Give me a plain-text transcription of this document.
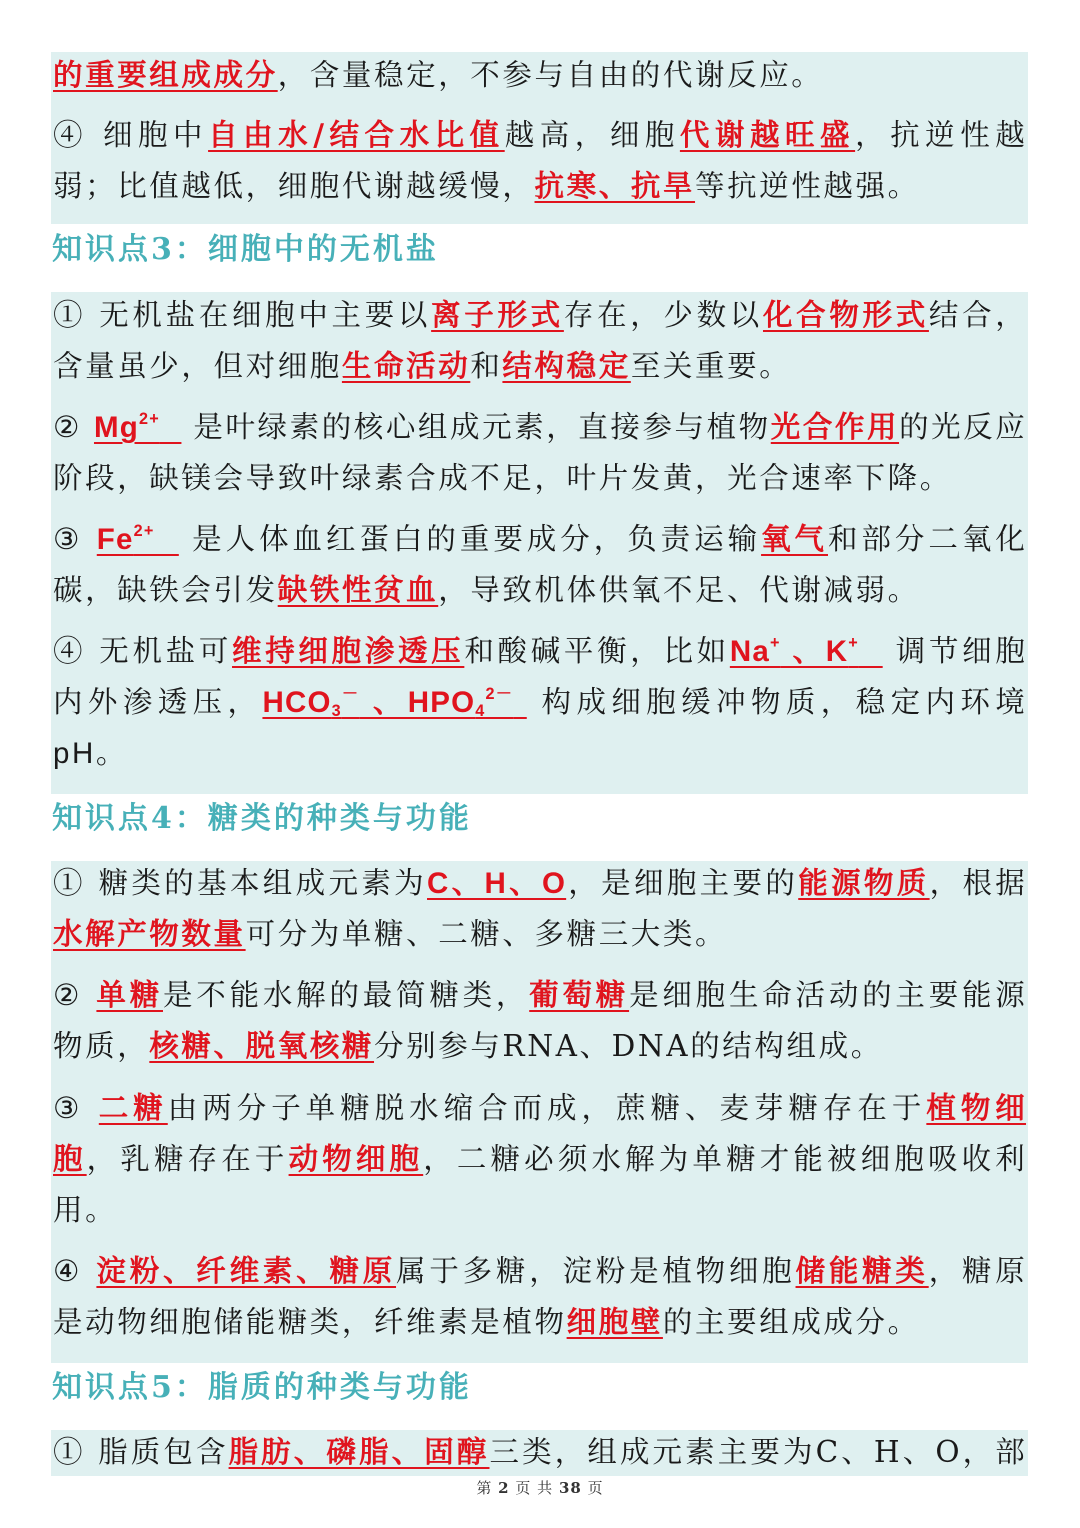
的重要组成成分，含量稳定，不参与自由的代谢反应。
④ 细胞中自由水/结合水比值越高，细胞代谢越旺盛，抗逆性越
弱；比值越低，细胞代谢越缓慢，抗寒、抗旱等抗逆性越强。
知识点3：细胞中的无机盐
① 无机盐在细胞中主要以离子形式存在，少数以化合物形式结合，
含量虽少，但对细胞生命活动和结构稳定至关重要。
② $Mg^{2+}$   是叶绿素的核心组成元素，直接参与植物光合作用的光反应
阶段，缺镁会导致叶绿素合成不足，叶片发黄，光合速率下降。
③ $Fe^{2+}$   是人体血红蛋白的重要成分，负责运输氧气和部分二氧化
碳，缺铁会引发缺铁性贫血，导致机体供氧不足、代谢减弱。
④ 无机盐可维持细胞渗透压和酸碱平衡，比如Na+ 、K+   调节细胞
内外渗透压，$HCO_3^-$ 、$HPO_4^{2-}$  构成细胞缓冲物质，稳定内环境
pH。
知识点4：糖类的种类与功能
① 糖类的基本组成元素为C、H、O，是细胞主要的能源物质，根据
水解产物数量可分为单糖、二糖、多糖三大类。
② 单糖是不能水解的最简糖类，葡萄糖是细胞生命活动的主要能源
物质，核糖、脱氧核糖分别参与RNA、DNA的结构组成。
③ 二糖由两分子单糖脱水缩合而成，蔗糖、麦芽糖存在于植物细
胞，乳糖存在于动物细胞，二糖必须水解为单糖才能被细胞吸收利
用。
④ 淀粉、纤维素、糖原属于多糖，淀粉是植物细胞储能糖类，糖原
是动物细胞储能糖类，纤维素是植物细胞壁的主要组成成分。
知识点5：脂质的种类与功能
① 脂质包含脂肪、磷脂、固醇三类，组成元素主要为C、H、O，部
第 2 页 共 38 页
